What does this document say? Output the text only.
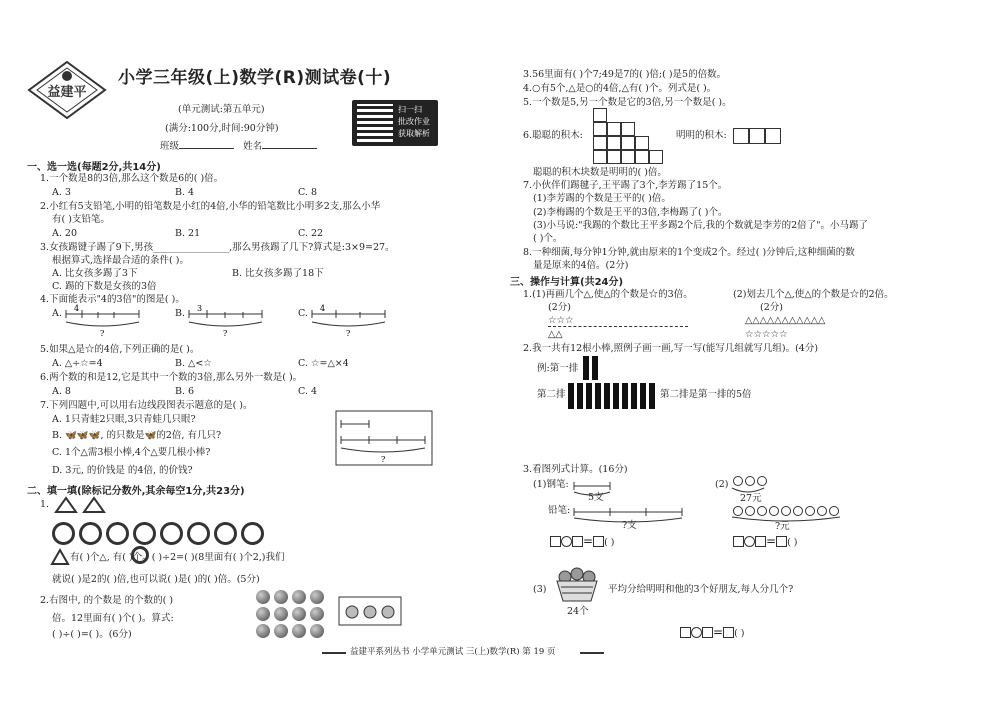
益建平
小学三年级(上)数学(R)测试卷(十)
(单元测试:第五单元)
(满分:100分,时间:90分钟)
班级	姓名
扫一扫
批改作业
获取解析
一、选一选(每题2分,共14分)
1.一个数是8的3倍,那么这个数是6的( )倍。
A. 3	B. 4	C. 8
2.小红有5支铅笔,小明的铅笔数是小红的4倍,小华的铅笔数比小明多2支,那么小华
有( )支铅笔。
A. 20	B. 21	C. 22
3.女孩踢键子踢了9下,男孩________________,那么男孩踢了几下?算式是:3×9=27。
根据算式,选择最合适的条件( )。
A. 比女孩多踢了3下	B. 比女孩多踢了18下
C. 踢的下数是女孩的3倍
4.下面能表示"4的3倍"的图是( )。
A.	B.	C.
4
?
3
?
4
?
5.如果△是☆的4倍,下列正确的是( )。
A. △÷☆=4	B. △<☆	C. ☆=△×4
6.两个数的和是12,它是其中一个数的3倍,那么另外一数是( )。
A. 8	B. 6	C. 4
7.下列四题中,可以用右边线段图表示题意的是( )。
A. 1只青蛙2只眼,3只青蛙几只眼?
B. 🦋🦋🦋, 的只数是🦋的2倍, 有几只?
C. 1个△需3根小棒,4个△要几根小棒?
D. 3元, 的价钱是 的4倍, 的价钱?
?
二、填一填(除标记分数外,其余每空1分,共23分)
1.
有( )个△, 有( )个。( )÷2=( )(8里面有( )个2,)我们
就说( )是2的( )倍,也可以说( )是( )的( )倍。(5分)
2.右图中, 的个数是 的个数的( )
倍。12里面有( )个( )。算式:
( )÷( )=( )。(6分)
3.56里面有( )个7;49是7的( )倍;( )是5的倍数。
4.○有5个,△是○的4倍,△有( )个。列式是( )。
5.一个数是5,另一个数是它的3倍,另一个数是( )。
6.聪聪的积木:	明明的积木:
聪聪的积木块数是明明的( )倍。
7.小伙伴们踢毽子,王平踢了3个,李芳踢了15个。
(1)李芳踢的个数是王平的( )倍。
(2)李梅踢的个数是王平的3倍,李梅踢了( )个。
(3)小马说:"我踢的个数比王平多踢2个后,我的个数就是李芳的2倍了"。小马踢了
( )个。
8.一种细菌,每分钟1分钟,就由原来的1个变成2个。经过( )分钟后,这种细菌的数
量是原来的4倍。(2分)
三、操作与计算(共24分)
1.(1)再画几个△,使△的个数是☆的3倍。	(2)划去几个△,使△的个数是☆的2倍。
(2分)	(2分)
☆☆☆
△△
△△△△△△△△△△△
☆☆☆☆☆
2.我一共有12根小棒,照例子画一画,写一写(能写几组就写几组)。(4分)
例:第一排
第二排	第二排是第一排的5倍
3.看图列式计算。(16分)
(1)钢笔:
5支
铅笔:
?支
= ( )
(2)
27元
?元
= ( )
(3)
24个
平均分给明明和他的3个好朋友,每人分几个?
= ( )
益建平系列丛书 小学单元测试 三(上)数学(R) 第 19 页
